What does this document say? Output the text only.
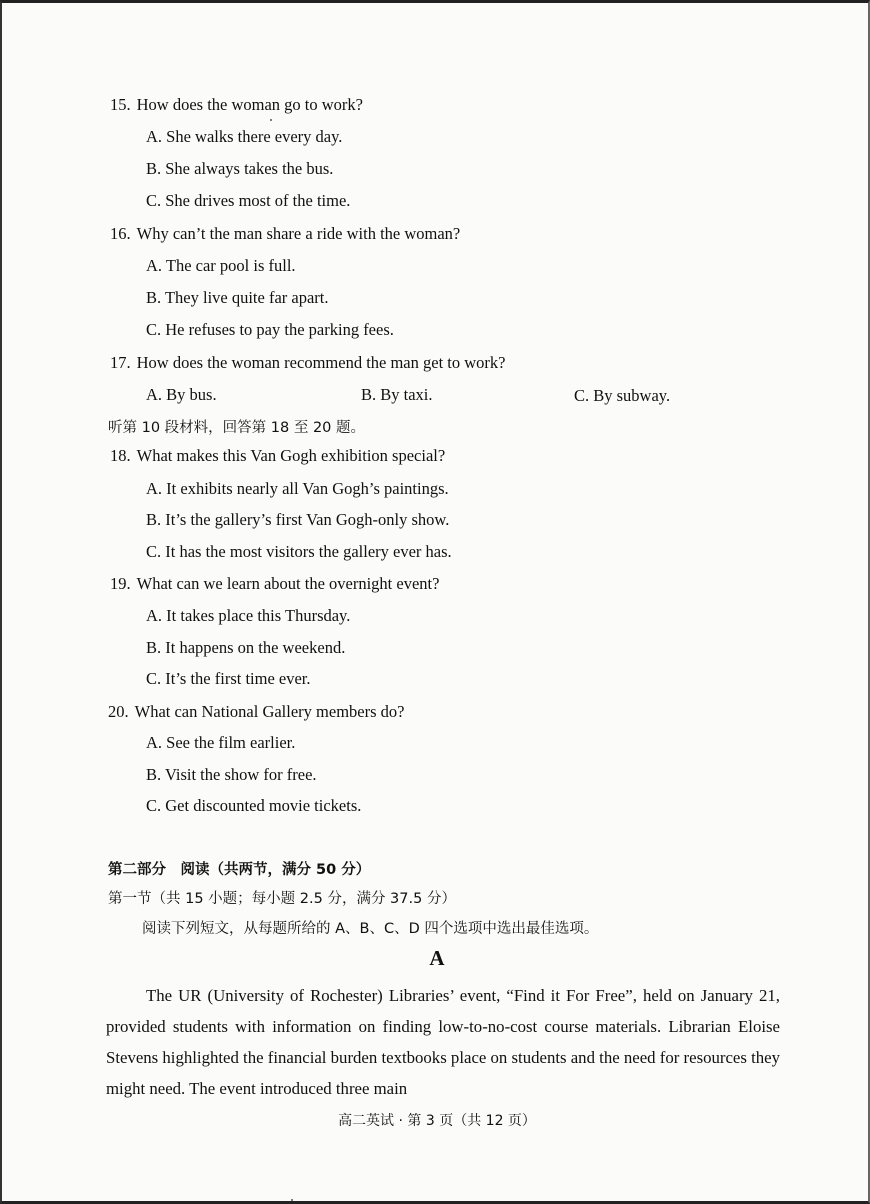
15. How does the woman go to work?
A. She walks there every day.
B. She always takes the bus.
C. She drives most of the time.
16. Why can’t the man share a ride with the woman?
A. The car pool is full.
B. They live quite far apart.
C. He refuses to pay the parking fees.
17. How does the woman recommend the man get to work?
A. By bus.	B. By taxi.	C. By subway.
听第 10 段材料，回答第 18 至 20 题。
18. What makes this Van Gogh exhibition special?
A. It exhibits nearly all Van Gogh’s paintings.
B. It’s the gallery’s first Van Gogh-only show.
C. It has the most visitors the gallery ever has.
19. What can we learn about the overnight event?
A. It takes place this Thursday.
B. It happens on the weekend.
C. It’s the first time ever.
20. What can National Gallery members do?
A. See the film earlier.
B. Visit the show for free.
C. Get discounted movie tickets.
第二部分　阅读（共两节，满分 50 分）
第一节（共 15 小题；每小题 2.5 分，满分 37.5 分）
阅读下列短文，从每题所给的 A、B、C、D 四个选项中选出最佳选项。
A
The UR (University of Rochester) Libraries’ event, “Find it For Free”, held on January 21, provided students with information on finding low-to-no-cost course materials. Librarian Eloise Stevens highlighted the financial burden textbooks place on students and the need for resources they might need. The event introduced three main
高二英试 · 第 3 页（共 12 页）
